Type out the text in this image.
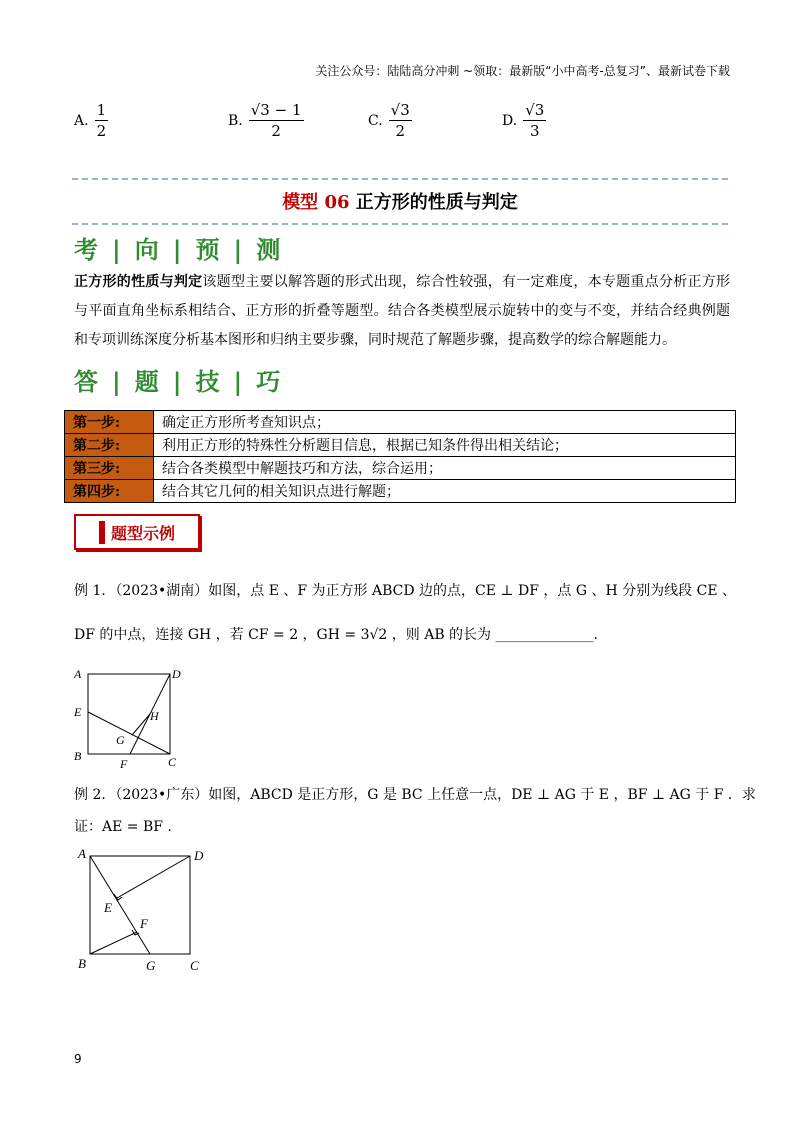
关注公众号：陆陆高分冲刺 ~领取：最新版“小中高考-总复习”、最新试卷下载
A. $\frac{1}{2}$	B. $\frac{√3 - 1}{2}$	C. $\frac{√3}{2}$	D. $\frac{√3}{3}$
模型 06 正方形的性质与判定
考 | 向 | 预 | 测
正方形的性质与判定该题型主要以解答题的形式出现，综合性较强，有一定难度，本专题重点分析正方形与平面直角坐标系相结合、正方形的折叠等题型。结合各类模型展示旋转中的变与不变，并结合经典例题和专项训练深度分析基本图形和归纳主要步骤，同时规范了解题步骤，提高数学的综合解题能力。
答 | 题 | 技 | 巧
第一步:	确定正方形所考查知识点；
第二步:	利用正方形的特殊性分析题目信息，根据已知条件得出相关结论；
第三步:	结合各类模型中解题技巧和方法，综合运用；
第四步:	结合其它几何的相关知识点进行解题；
题型示例
例 1．（2023•湖南）如图，点 E 、F 为正方形 ABCD 边的点，CE ⊥ DF ，点 G 、H 分别为线段 CE 、
DF 的中点，连接 GH ，若 CF = 2 ，GH = 3√2 ，则 AB 的长为 ______________.
A	D
E	H
G
B
F	C
例 2．（2023•广东）如图，ABCD 是正方形，G 是 BC 上任意一点，DE ⊥ AG 于 E ，BF ⊥ AG 于 F ．求
证：AE = BF .
A	D
E
F
B	G	C
9
